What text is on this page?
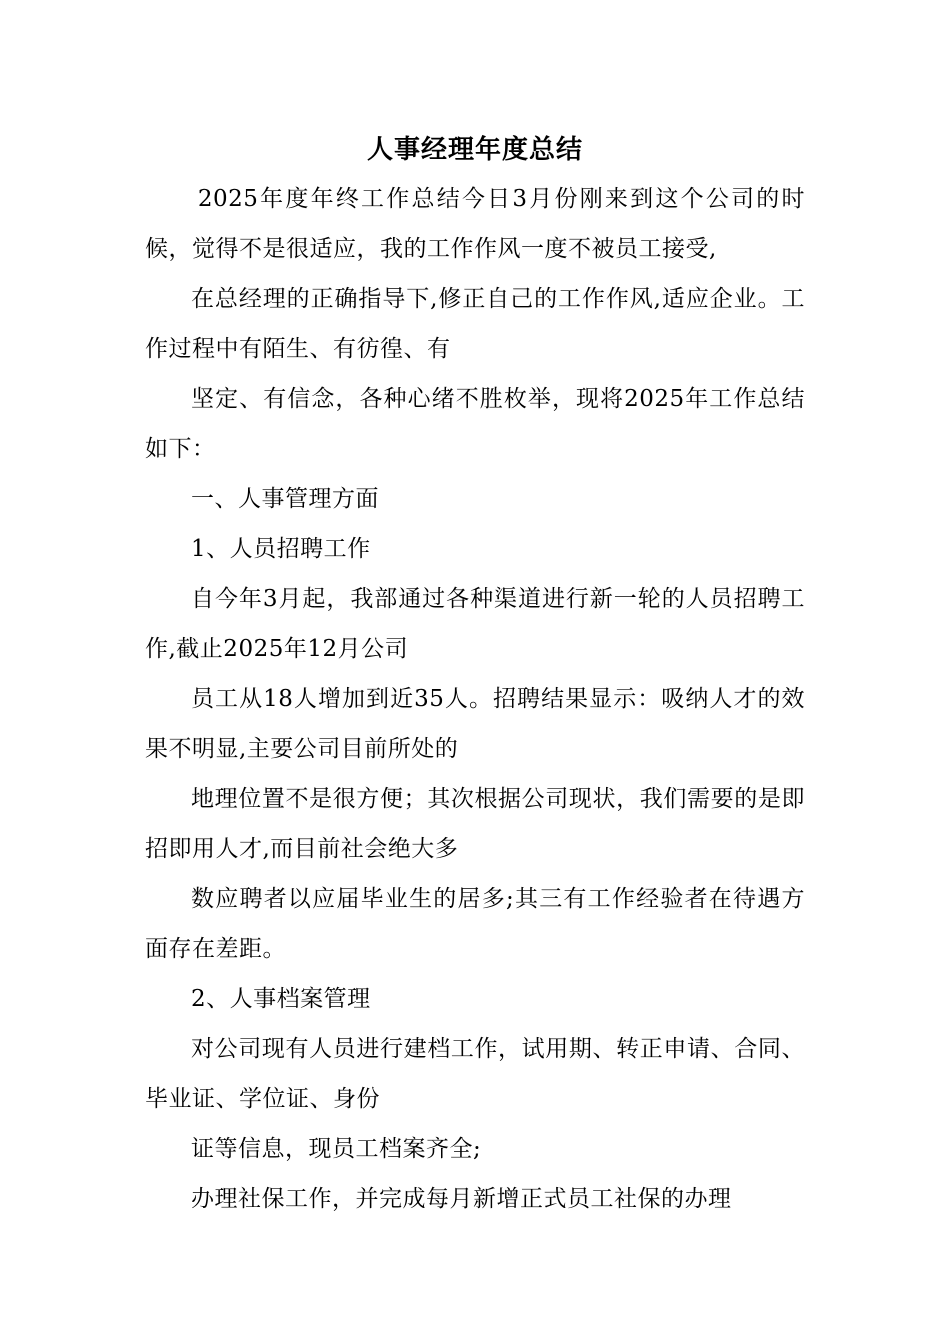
人事经理年度总结

2025年度年终工作总结今日3月份刚来到这个公司的时候，觉得不是很适应，我的工作作风一度不被员工接受,

在总经理的正确指导下,修正自己的工作作风,适应企业。工作过程中有陌生、有彷徨、有

坚定、有信念，各种心绪不胜枚举，现将2025年工作总结如下：

一、人事管理方面

1、人员招聘工作

自今年3月起，我部通过各种渠道进行新一轮的人员招聘工作,截止2025年12月公司

员工从18人增加到近35人。招聘结果显示：吸纳人才的效果不明显,主要公司目前所处的

地理位置不是很方便；其次根据公司现状，我们需要的是即招即用人才,而目前社会绝大多

数应聘者以应届毕业生的居多;其三有工作经验者在待遇方面存在差距。

2、人事档案管理

对公司现有人员进行建档工作，试用期、转正申请、合同、毕业证、学位证、身份

证等信息，现员工档案齐全;

办理社保工作，并完成每月新增正式员工社保的办理
